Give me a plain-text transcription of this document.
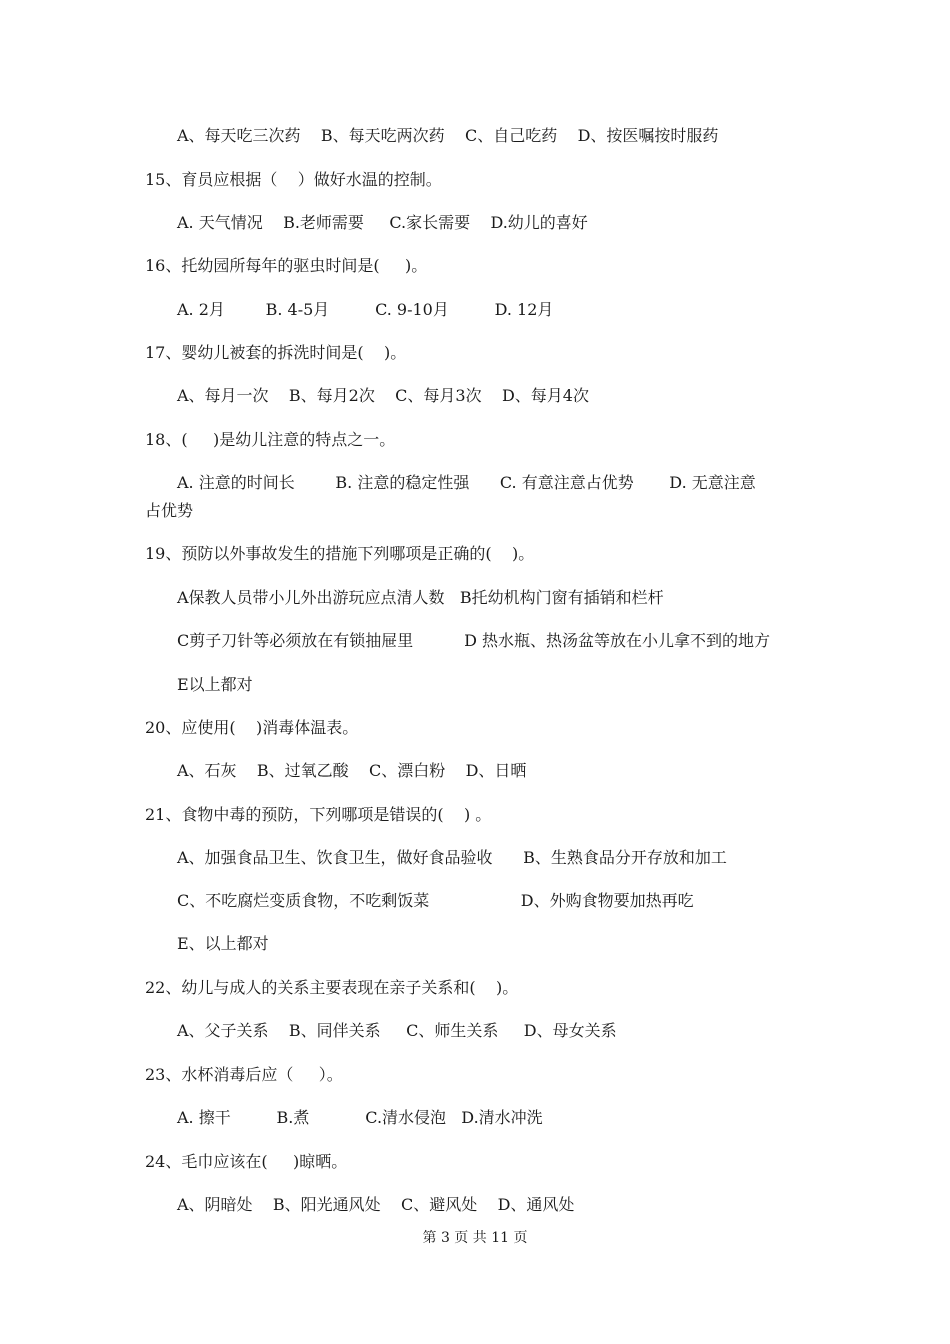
A、每天吃三次药    B、每天吃两次药    C、自己吃药    D、按医嘱按时服药
15、育员应根据（    ）做好水温的控制。
A. 天气情况    B.老师需要     C.家长需要    D.幼儿的喜好
16、托幼园所每年的驱虫时间是(     )。
A. 2月        B. 4-5月         C. 9-10月         D. 12月
17、婴幼儿被套的拆洗时间是(    )。
A、每月一次    B、每月2次    C、每月3次    D、每月4次
18、(     )是幼儿注意的特点之一。
A. 注意的时间长        B. 注意的稳定性强      C. 有意注意占优势       D. 无意注意
占优势
19、预防以外事故发生的措施下列哪项是正确的(    )。
A保教人员带小儿外出游玩应点清人数   B托幼机构门窗有插销和栏杆
C剪子刀针等必须放在有锁抽屉里          D 热水瓶、热汤盆等放在小儿拿不到的地方
E以上都对
20、应使用(    )消毒体温表。
A、石灰    B、过氧乙酸    C、漂白粉    D、日晒
21、食物中毒的预防，下列哪项是错误的(    ) 。
A、加强食品卫生、饮食卫生，做好食品验收      B、生熟食品分开存放和加工
C、不吃腐烂变质食物，不吃剩饭菜                  D、外购食物要加热再吃
E、以上都对
22、幼儿与成人的关系主要表现在亲子关系和(    )。
A、父子关系    B、同伴关系     C、师生关系     D、母女关系
23、水杯消毒后应（     ）。
A. 擦干         B.煮           C.清水侵泡   D.清水冲洗
24、毛巾应该在(     )晾晒。
A、阴暗处    B、阳光通风处    C、避风处    D、通风处
第 3 页 共 11 页
